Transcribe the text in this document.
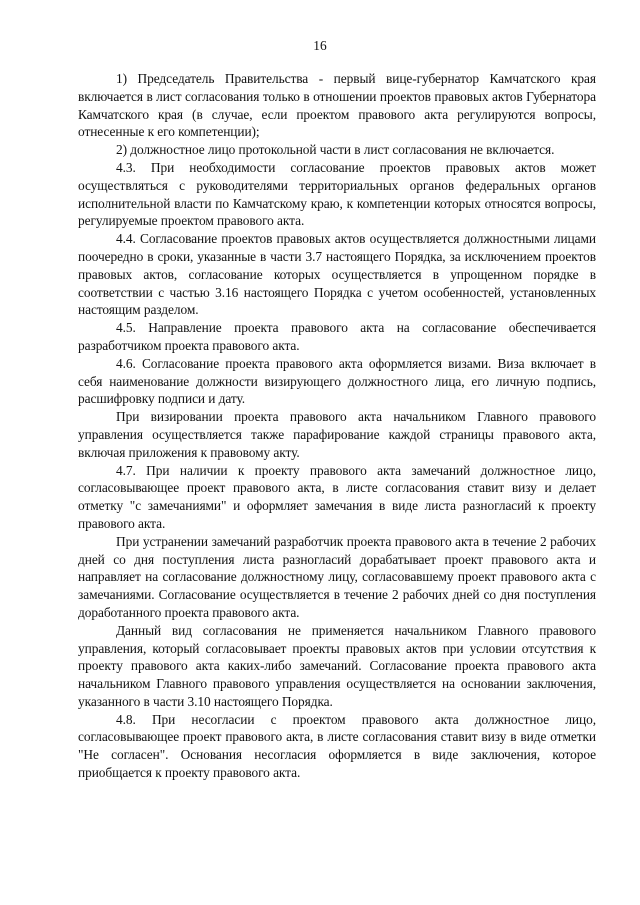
16

1) Председатель Правительства - первый вице-губернатор Камчатского края включается в лист согласования только в отношении проектов правовых актов Губернатора Камчатского края (в случае, если проектом правового акта регулируются вопросы, отнесенные к его компетенции);

2) должностное лицо протокольной части в лист согласования не включается.

4.3. При необходимости согласование проектов правовых актов может осуществляться с руководителями территориальных органов федеральных органов исполнительной власти по Камчатскому краю, к компетенции которых относятся вопросы, регулируемые проектом правового акта.

4.4. Согласование проектов правовых актов осуществляется должностными лицами поочередно в сроки, указанные в части 3.7 настоящего Порядка, за исключением проектов правовых актов, согласование которых осуществляется в упрощенном порядке в соответствии с частью 3.16 настоящего Порядка с учетом особенностей, установленных настоящим разделом.

4.5. Направление проекта правового акта на согласование обеспечивается разработчиком проекта правового акта.

4.6. Согласование проекта правового акта оформляется визами. Виза включает в себя наименование должности визирующего должностного лица, его личную подпись, расшифровку подписи и дату.

При визировании проекта правового акта начальником Главного правового управления осуществляется также парафирование каждой страницы правового акта, включая приложения к правовому акту.

4.7. При наличии к проекту правового акта замечаний должностное лицо, согласовывающее проект правового акта, в листе согласования ставит визу и делает отметку "с замечаниями" и оформляет замечания в виде листа разногласий к проекту правового акта.

При устранении замечаний разработчик проекта правового акта в течение 2 рабочих дней со дня поступления листа разногласий дорабатывает проект правового акта и направляет на согласование должностному лицу, согласовавшему проект правового акта с замечаниями. Согласование осуществляется в течение 2 рабочих дней со дня поступления доработанного проекта правового акта.

Данный вид согласования не применяется начальником Главного правового управления, который согласовывает проекты правовых актов при условии отсутствия к проекту правового акта каких-либо замечаний. Согласование проекта правового акта начальником Главного правового управления осуществляется на основании заключения, указанного в части 3.10 настоящего Порядка.

4.8. При несогласии с проектом правового акта должностное лицо, согласовывающее проект правового акта, в листе согласования ставит визу в виде отметки "Не согласен". Основания несогласия оформляется в виде заключения, которое приобщается к проекту правового акта.
